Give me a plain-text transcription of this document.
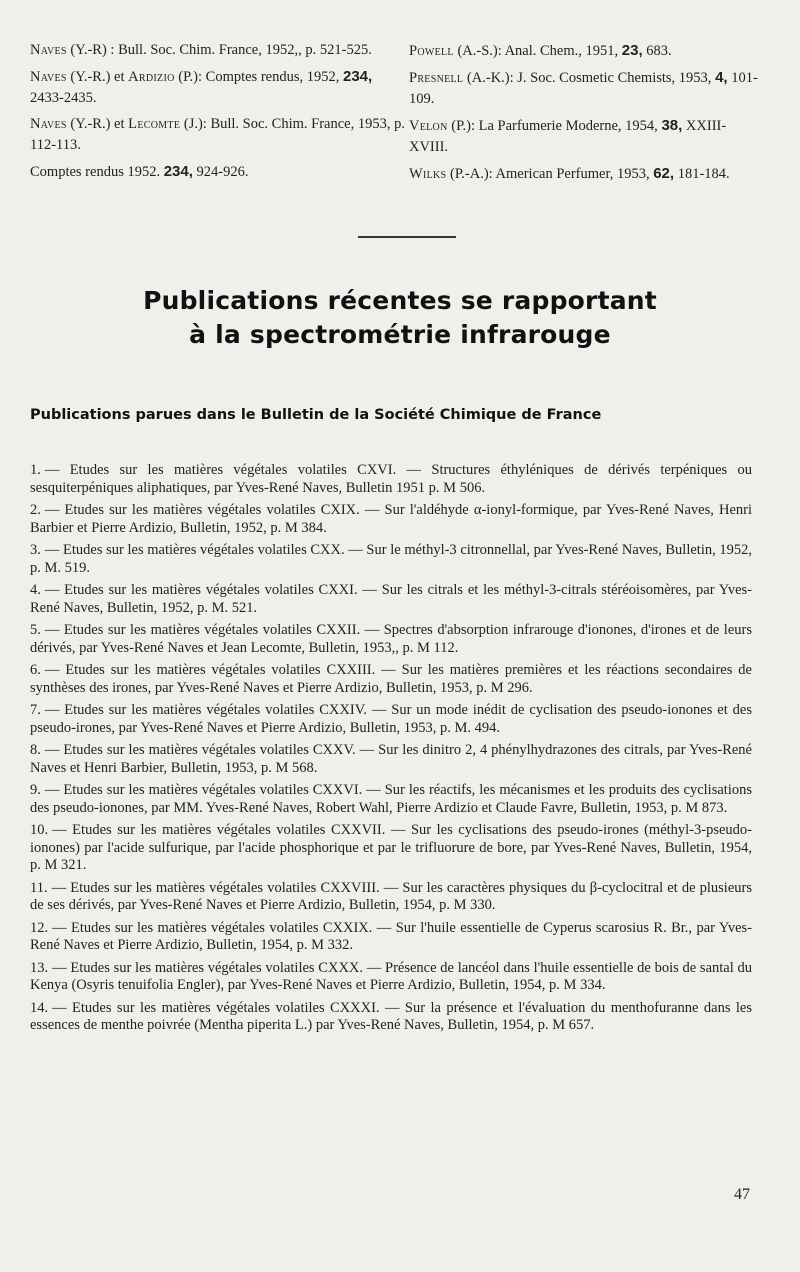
Naves (Y.-R) : Bull. Soc. Chim. France, 1952,, p. 521-525.
Naves (Y.-R.) et Ardizio (P.): Comptes rendus, 1952, 234, 2433-2435.
Naves (Y.-R.) et Lecomte (J.): Bull. Soc. Chim. France, 1953, p. 112-113.
Comptes rendus 1952. 234, 924-926.
Powell (A.-S.): Anal. Chem., 1951, 23, 683.
Presnell (A.-K.): J. Soc. Cosmetic Chemists, 1953, 4, 101-109.
Velon (P.): La Parfumerie Moderne, 1954, 38, XXIII-XVIII.
Wilks (P.-A.): American Perfumer, 1953, 62, 181-184.
Publications récentes se rapportant
à la spectrométrie infrarouge
Publications parues dans le Bulletin de la Société Chimique de France
1. — Etudes sur les matières végétales volatiles CXVI. — Structures éthyléniques de dérivés terpéniques ou sesquiterpéniques aliphatiques, par Yves-René Naves, Bulletin 1951 p. M 506.
2. — Etudes sur les matières végétales volatiles CXIX. — Sur l'aldéhyde α-ionyl-formique, par Yves-René Naves, Henri Barbier et Pierre Ardizio, Bulletin, 1952, p. M 384.
3. — Etudes sur les matières végétales volatiles CXX. — Sur le méthyl-3 citronnellal, par Yves-René Naves, Bulletin, 1952, p. M. 519.
4. — Etudes sur les matières végétales volatiles CXXI. — Sur les citrals et les méthyl-3-citrals stéréoisomères, par Yves-René Naves, Bulletin, 1952, p. M. 521.
5. — Etudes sur les matières végétales volatiles CXXII. — Spectres d'absorption infrarouge d'ionones, d'irones et de leurs dérivés, par Yves-René Naves et Jean Lecomte, Bulletin, 1953,, p. M 112.
6. — Etudes sur les matières végétales volatiles CXXIII. — Sur les matières premières et les réactions secondaires de synthèses des irones, par Yves-René Naves et Pierre Ardizio, Bulletin, 1953, p. M 296.
7. — Etudes sur les matières végétales volatiles CXXIV. — Sur un mode inédit de cyclisation des pseudo-ionones et des pseudo-irones, par Yves-René Naves et Pierre Ardizio, Bulletin, 1953, p. M. 494.
8. — Etudes sur les matières végétales volatiles CXXV. — Sur les dinitro 2, 4 phénylhydrazones des citrals, par Yves-René Naves et Henri Barbier, Bulletin, 1953, p. M 568.
9. — Etudes sur les matières végétales volatiles CXXVI. — Sur les réactifs, les mécanismes et les produits des cyclisations des pseudo-ionones, par MM. Yves-René Naves, Robert Wahl, Pierre Ardizio et Claude Favre, Bulletin, 1953, p. M 873.
10. — Etudes sur les matières végétales volatiles CXXVII. — Sur les cyclisations des pseudo-irones (méthyl-3-pseudo-ionones) par l'acide sulfurique, par l'acide phosphorique et par le trifluorure de bore, par Yves-René Naves, Bulletin, 1954, p. M 321.
11. — Etudes sur les matières végétales volatiles CXXVIII. — Sur les caractères physiques du β-cyclocitral et de plusieurs de ses dérivés, par Yves-René Naves et Pierre Ardizio, Bulletin, 1954, p. M 330.
12. — Etudes sur les matières végétales volatiles CXXIX. — Sur l'huile essentielle de Cyperus scarosius R. Br., par Yves-René Naves et Pierre Ardizio, Bulletin, 1954, p. M 332.
13. — Etudes sur les matières végétales volatiles CXXX. — Présence de lancéol dans l'huile essentielle de bois de santal du Kenya (Osyris tenuifolia Engler), par Yves-René Naves et Pierre Ardizio, Bulletin, 1954, p. M 334.
14. — Etudes sur les matières végétales volatiles CXXXI. — Sur la présence et l'évaluation du menthofuranne dans les essences de menthe poivrée (Mentha piperita L.) par Yves-René Naves, Bulletin, 1954, p. M 657.
47
